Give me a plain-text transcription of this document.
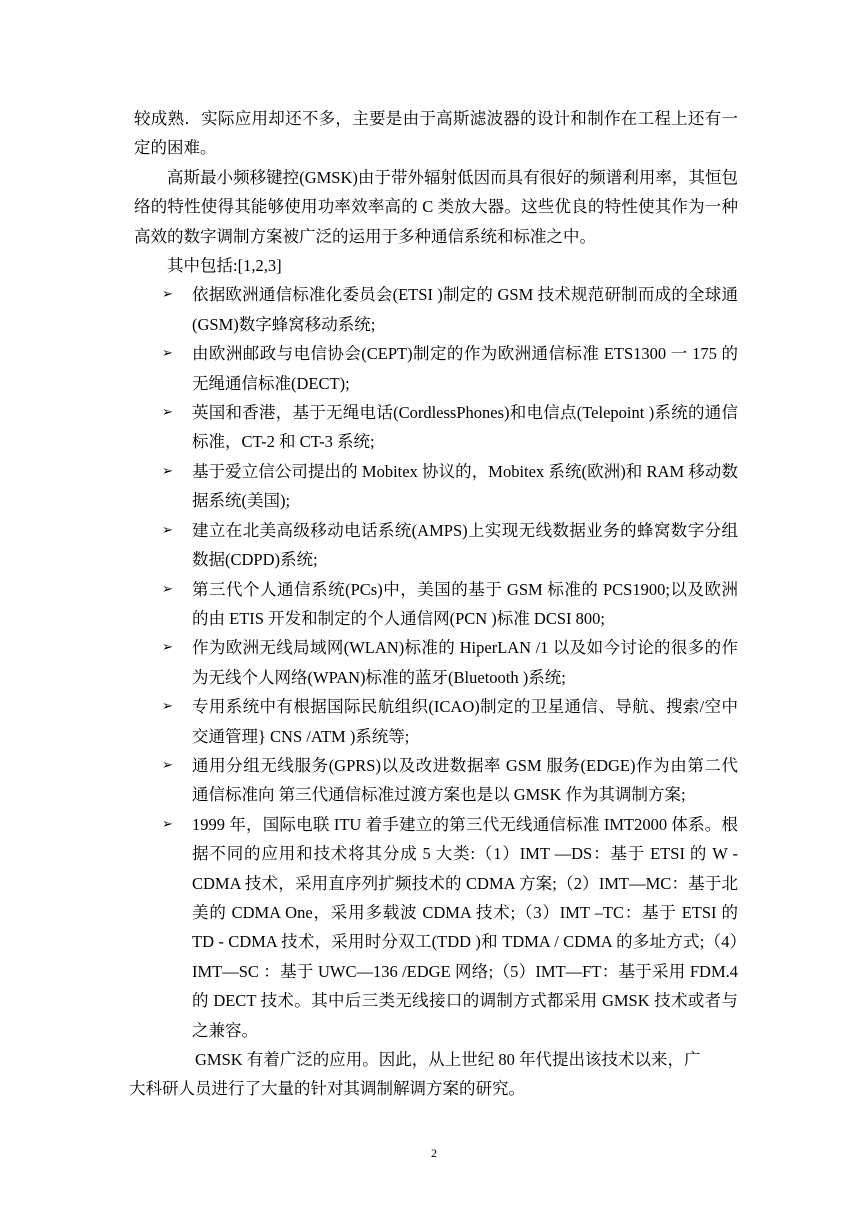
较成熟．实际应用却还不多，主要是由于高斯滤波器的设计和制作在工程上还有一定的困难。

高斯最小频移键控(GMSK)由于带外辐射低因而具有很好的频谱利用率，其恒包络的特性使得其能够使用功率效率高的 C 类放大器。这些优良的特性使其作为一种高效的数字调制方案被广泛的运用于多种通信系统和标准之中。

其中包括:[1,2,3]

➢ 依据欧洲通信标准化委员会(ETSI )制定的 GSM 技术规范研制而成的全球通(GSM)数字蜂窝移动系统;
➢ 由欧洲邮政与电信协会(CEPT)制定的作为欧洲通信标准 ETS1300 一 175 的无绳通信标准(DECT);
➢ 英国和香港，基于无绳电话(CordlessPhones)和电信点(Telepoint )系统的通信标准，CT-2 和 CT-3 系统;
➢ 基于爱立信公司提出的 Mobitex 协议的，Mobitex 系统(欧洲)和 RAM 移动数据系统(美国);
➢ 建立在北美高级移动电话系统(AMPS)上实现无线数据业务的蜂窝数字分组数据(CDPD)系统;
➢ 第三代个人通信系统(PCs)中，美国的基于 GSM 标准的 PCS1900;以及欧洲的由 ETIS 开发和制定的个人通信网(PCN )标准 DCSI 800;
➢ 作为欧洲无线局域网(WLAN)标准的 HiperLAN /1 以及如今讨论的很多的作为无线个人网络(WPAN)标准的蓝牙(Bluetooth )系统;
➢ 专用系统中有根据国际民航组织(ICAO)制定的卫星通信、导航、搜索/空中交通管理} CNS /ATM )系统等;
➢ 通用分组无线服务(GPRS)以及改进数据率 GSM 服务(EDGE)作为由第二代通信标准向 第三代通信标准过渡方案也是以 GMSK 作为其调制方案;
➢ 1999 年，国际电联 ITU 着手建立的第三代无线通信标准 IMT2000 体系。根据不同的应用和技术将其分成 5 大类:（1）IMT —DS：基于 ETSI 的 W - CDMA 技术，采用直序列扩频技术的 CDMA 方案;（2）IMT—MC：基于北美的 CDMA One，采用多载波 CDMA 技术;（3）IMT –TC：基于 ETSI 的 TD - CDMA 技术，采用时分双工(TDD )和 TDMA / CDMA 的多址方式;（4）IMT—SC ：基于 UWC—136 /EDGE 网络;（5）IMT—FT：基于采用 FDM.4 的 DECT 技术。其中后三类无线接口的调制方式都采用 GMSK 技术或者与之兼容。

GMSK 有着广泛的应用。因此，从上世纪 80 年代提出该技术以来，广
大科研人员进行了大量的针对其调制解调方案的研究。

2
